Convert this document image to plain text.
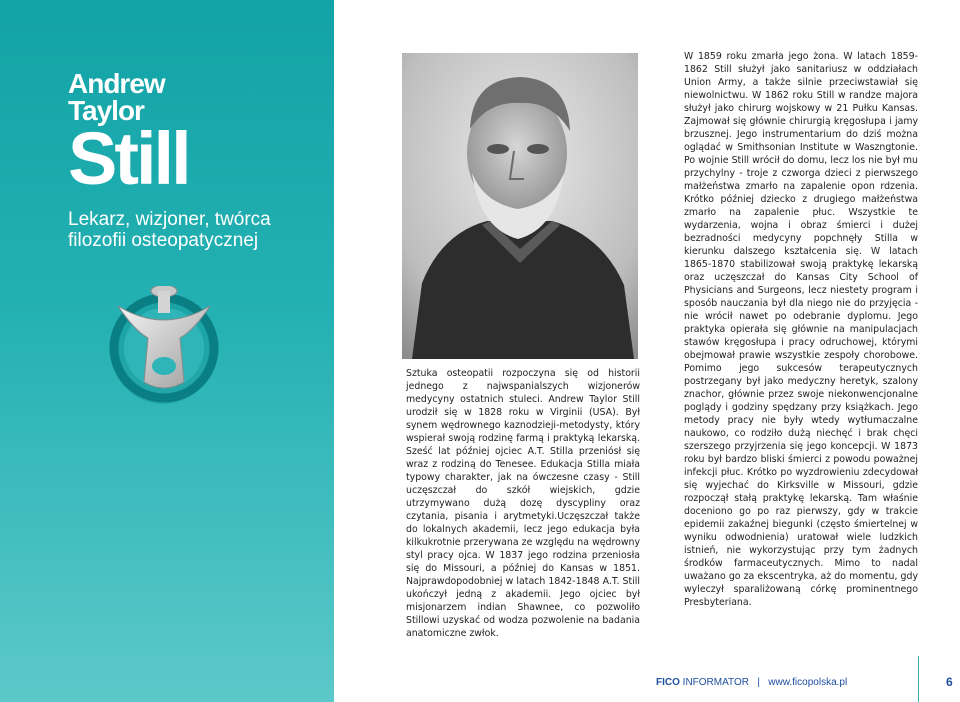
Andrew
Taylor
Still
Lekarz, wizjoner, twórca filozofii osteopatycznej

Sztuka osteopatii rozpoczyna się od historii jednego z najwspanialszych wizjonerów medycyny ostatnich stuleci. Andrew Taylor Still urodził się w 1828 roku w Virginii (USA). Był synem wędrownego kaznodzieji-metodysty, który wspierał swoją rodzinę farmą i praktyką lekarską. Sześć lat później ojciec A.T. Stilla przeniósł się wraz z rodziną do Tenesee. Edukacja Stilla miała typowy charakter, jak na ówczesne czasy - Still uczęszczał do szkół wiejskich, gdzie utrzymywano dużą dozę dyscypliny oraz czytania, pisania i arytmetyki.Uczęszczał także do lokalnych akademii, lecz jego edukacja była kilkukrotnie przerywana ze względu na wędrowny styl pracy ojca. W 1837 jego rodzina przeniosła się do Missouri, a później do Kansas w 1851. Najprawdopodobniej w latach 1842-1848 A.T. Still ukończył jedną z akademii. Jego ojciec był misjonarzem indian Shawnee, co pozwoliło Stillowi uzyskać od wodza pozwolenie na badania anatomiczne zwłok.

W 1859 roku zmarła jego żona. W latach 1859-1862 Still służył jako sanitariusz w oddziałach Union Army, a także silnie przeciwstawiał się niewolnictwu. W 1862 roku Still w randze majora służył jako chirurg wojskowy w 21 Pułku Kansas. Zajmował się głównie chirurgią kręgosłupa i jamy brzusznej. Jego instrumentarium do dziś można oglądać w Smithsonian Institute w Waszngtonie. Po wojnie Still wrócił do domu, lecz los nie był mu przychylny - troje z czworga dzieci z pierwszego małżeństwa zmarło na zapalenie opon rdzenia. Krótko później dziecko z drugiego małżeństwa zmarło na zapalenie płuc. Wszystkie te wydarzenia, wojna i obraz śmierci i dużej bezradności medycyny popchnęły Stilla w kierunku dalszego kształcenia się. W latach 1865-1870 stabilizował swoją praktykę lekarską oraz uczęszczał do Kansas City School of Physicians and Surgeons, lecz niestety program i sposób nauczania był dla niego nie do przyjęcia - nie wrócił nawet po odebranie dyplomu. Jego praktyka opierała się głównie na manipulacjach stawów kręgosłupa i pracy odruchowej, którymi obejmował prawie wszystkie zespoły chorobowe. Pomimo jego sukcesów terapeutycznych postrzegany był jako medyczny heretyk, szalony znachor, głównie przez swoje niekonwencjonalne poglądy i godziny spędzany przy książkach. Jego metody pracy nie były wtedy wytłumaczalne naukowo, co rodziło dużą niechęć i brak chęci szerszego przyjrzenia się jego koncepcji. W 1873 roku był bardzo bliski śmierci z powodu poważnej infekcji płuc. Krótko po wyzdrowieniu zdecydował się wyjechać do Kirksville w Missouri, gdzie rozpoczął stałą praktykę lekarską. Tam właśnie doceniono go po raz pierwszy, gdy w trakcie epidemii zakaźnej biegunki (często śmiertelnej w wyniku odwodnienia) uratował wiele ludzkich istnień, nie wykorzystując przy tym żadnych środków farmaceutycznych. Mimo to nadal uważano go za ekscentryka, aż do momentu, gdy wyleczył sparaliżowaną córkę prominentnego Presbyteriana.

FICO INFORMATOR | www.ficopolska.pl	6
